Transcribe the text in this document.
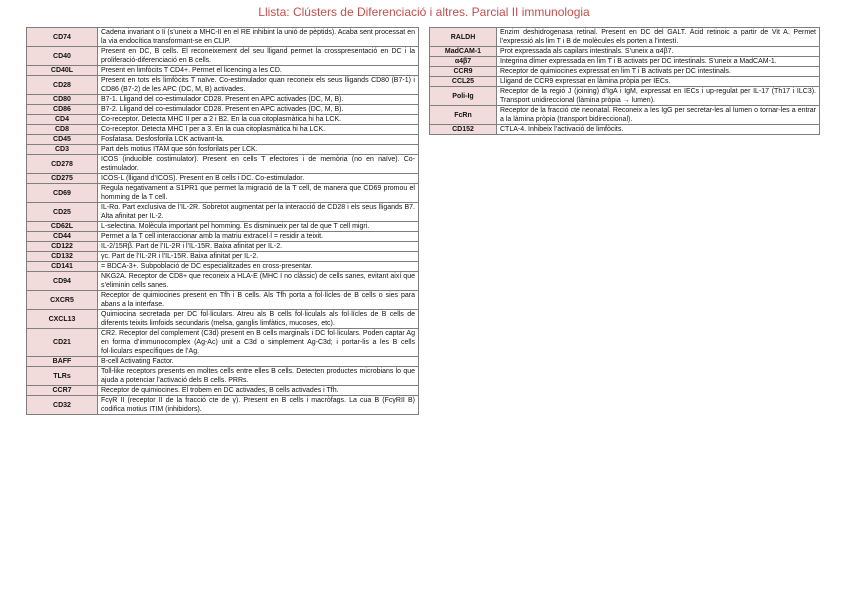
Llista: Clústers de Diferenciació i altres. Parcial II immunologia
CD74	Cadena invariant o Ii (s’uneix a MHC-II en el RE inhibint la unió de pèptids). Acaba sent processat en la via endocítica transformant-se en CLIP.
CD40	Present en DC, B cells. El reconeixement del seu lligand permet la crosspresentació en DC i la proliferació-diferenciació en B cells.
CD40L	Present en limfòcits T CD4+. Permet el licencing a les CD.
CD28	Present en tots els limfòcits T naïve. Co-estimulador quan reconeix els seus lligands CD80 (B7-1) i CD86 (B7-2) de les APC (DC, M, B) activades.
CD80	B7-1. Lligand del co-estimulador CD28. Present en APC activades (DC, M, B).
CD86	B7-2. Lligand del co-estimulador CD28. Present en APC activades (DC, M, B).
CD4	Co-receptor. Detecta MHC II per a 2 i B2. En la cua citoplasmàtica hi ha LCK.
CD8	Co-receptor. Detecta MHC I per a 3. En la cua citoplasmàtica hi ha LCK.
CD45	Fosfatasa. Desfosforila LCK activant-la.
CD3	Part dels motius ITAM que són fosforilats per LCK.
CD278	ICOS (inducible costimulator). Present en cells T efectores i de memòria (no en naïve). Co-estimulador.
CD275	ICOS-L (lligand d’ICOS). Present en B cells i DC. Co-estimulador.
CD69	Regula negativament a S1PR1 que permet la migració de la T cell, de manera que CD69 promou el homming de la T cell.
CD25	IL-Rα. Part exclusiva de l’IL-2R. Sobretot augmentat per la interacció de CD28 i els seus lligands B7. Alta afinitat per IL-2.
CD62L	L-selectina. Molècula important pel homming. Es disminueix per tal de que T cell migri.
CD44	Permet a la T cell interaccionar amb la matriu extracel·l = residir a teixit.
CD122	IL-2/15Rβ. Part de l’IL-2R i l’IL-15R. Baixa afinitat per IL-2.
CD132	γc. Part de l’IL-2R i l’IL-15R. Baixa afinitat per IL-2.
CD141	= BDCA-3+. Subpoblació de DC especialitzades en cross-presentar.
CD94	NKG2A. Receptor de CD8+ que reconeix a HLA-E (MHC I no clàssic) de cells sanes, evitant així que s’eliminin cells sanes.
CXCR5	Receptor de quimiocines present en Tfh i B cells. Als Tfh porta a fol·lícles de B cells o sies para abans a la interfase.
CXCL13	Quimiocina secretada per DC fol·liculars. Atreu als B cells fol·liculals als fol·lícles de B cells de diferents teixits limfoids secundaris (melsa, ganglis limfàtics, mucoses, etc).
CD21	CR2. Receptor del complement (C3d) present en B cells marginals i DC fol·liculars. Poden captar Ag en forma d’immunocomplex (Ag-Ac) unit a C3d o simplement Ag-C3d; i portar-lis a les B cells fol·liculars específiques de l’Ag.
BAFF	B-cell Activating Factor.
TLRs	Toll-like receptors presents en moltes cells entre elles B cells. Detecten productes microbians lo que ajuda a potenciar l’activació dels B cells. PRRs.
CCR7	Receptor de quimiocines. El trobem en DC activades, B cells activades i Tfh.
CD32	FcγR II (receptor II de la fracció cte de γ). Present en B cells i macròfags. La cua B (FcγRII B) codifica motius ITIM (inhibidors).
RALDH	Enzim deshidrogenasa retinal. Present en DC del GALT. Àcid retinoic a partir de Vit A. Permet l’expressió als lim T i B de molècules els porten a l’intestí.
MadCAM-1	Prot expressada als capilars intestinals. S’uneix a α4β7.
α4β7	Integrina dímer expressada en lim T i B activats per DC intestinals. S’uneix a MadCAM-1.
CCR9	Receptor de quimiocines expressat en lim T i B activats per DC intestinals.
CCL25	Lligand de CCR9 expressat en làmina pròpia per IECs.
Poli-Ig	Receptor de la regió J (joining) d’IgA i IgM, expressat en IECs i up-regulat per IL-17 (Th17 i ILC3). Transport unidireccional (làmina pròpia → lumen).
FcRn	Receptor de la fracció cte neonatal. Reconeix a les IgG per secretar-les al lumen o tornar-les a entrar a la làmina pròpia (transport bidireccional).
CD152	CTLA-4. Inhibeix l’activació de limfòcits.
